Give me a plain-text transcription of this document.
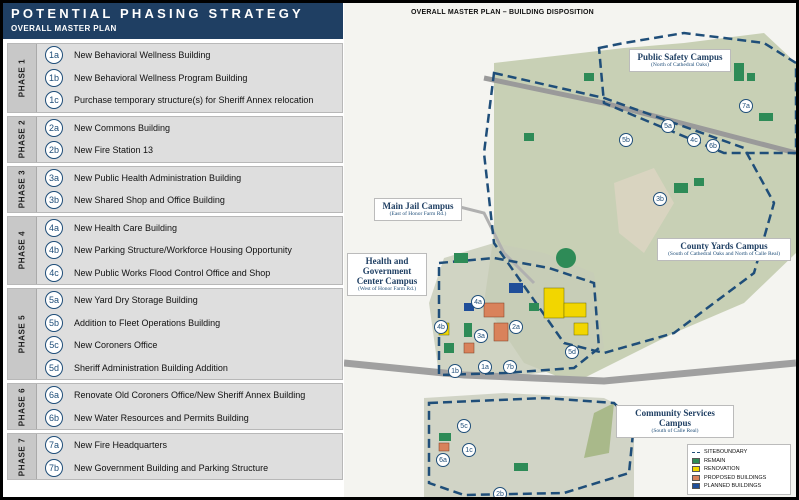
POTENTIAL PHASING STRATEGY
OVERALL MASTER PLAN
PHASE 1
1a	New Behavioral Wellness Building
1b	New Behavioral Wellness Program Building
1c	Purchase temporary structure(s) for Sheriff Annex relocation
PHASE 2	2a	New Commons Building
2b	New Fire Station 13
PHASE 3	3a	New Public Health Administration Building
3b	New Shared Shop and Office Building
PHASE 4
4a	New Health Care Building
4b	New Parking Structure/Workforce Housing Opportunity
4c	New Public Works Flood Control Office and Shop
PHASE 5
5a	New Yard Dry Storage Building
5b	Addition to Fleet Operations Building
5c	New Coroners Office
5d	Sheriff Administration Building Addition
PHASE 6	6a	Renovate Old Coroners Office/New Sheriff Annex Building
6b	New Water Resources and Permits Building
PHASE 7	7a	New Fire Headquarters
7b	New Government Building and Parking Structure
OVERALL MASTER PLAN – BUILDING DISPOSITION
Public Safety Campus
(North of Cathedral Oaks)
Main Jail Campus
(East of Honor Farm Rd.)
Health and Government Center Campus
(West of Honor Farm Rd.)
County Yards Campus
(South of Cathedral Oaks and North of Calle Real)
Community Services Campus
(South of Calle Real)
7a
5b
5a
4c
6b
3b
4a
2a
4b
3a
5d
1b
1a	7b
5c
1c
6a
2b
SITEBOUNDARY
REMAIN
RENOVATION
PROPOSED BUILDINGS
PLANNED BUILDINGS
